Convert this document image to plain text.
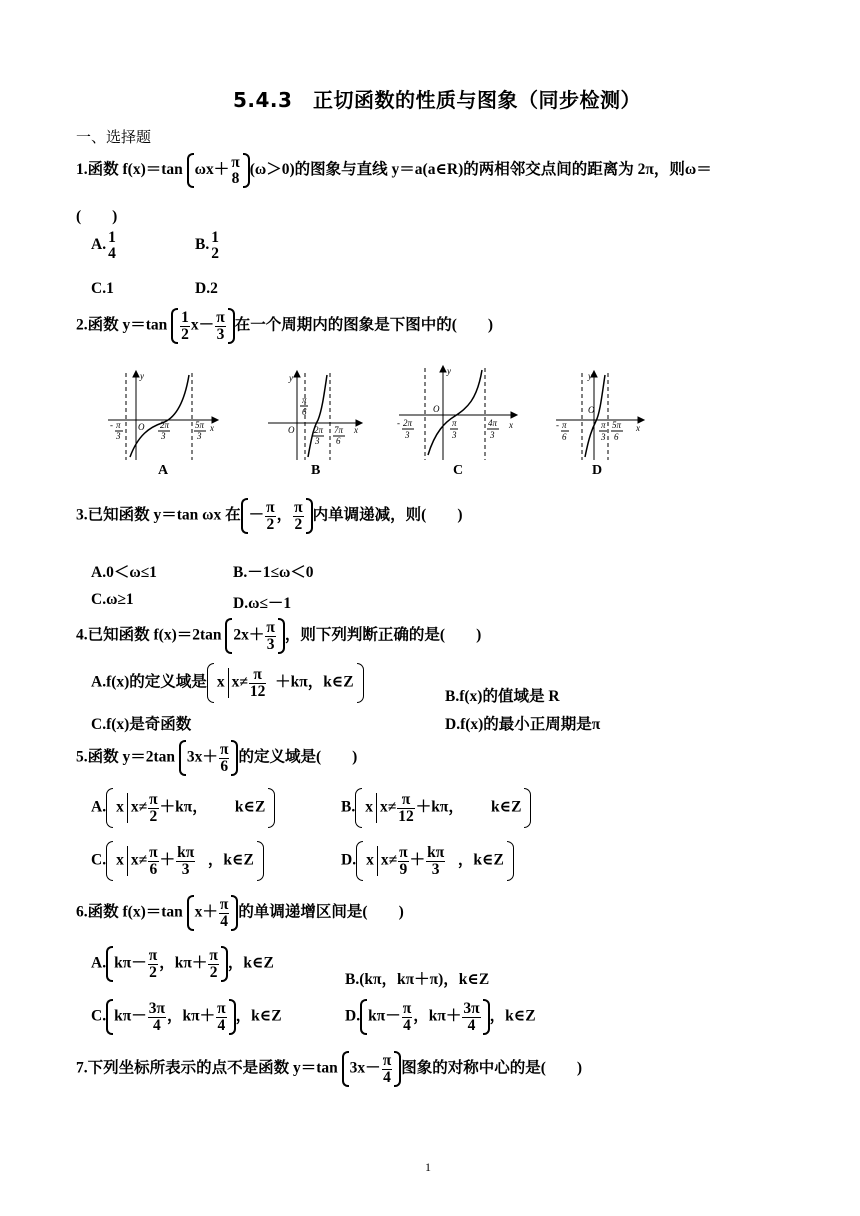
5.4.3　正切函数的性质与图象（同步检测）
一、选择题
1.函数 f(x)＝tan ωx＋ π
8 (ω＞0)的图象与直线 y＝a(a∈R)的两相邻交点间的距离为 2π，则ω＝
(　　)
A. 1
4	B. 1
2
C.1	D.2
2.函数 $y=\tan \frac{1}{2} x- \frac{\pi}{3}$ 在一个周期内的图象是下图中的(　　)
y
x
O
- π
3
2π
3
5π
3
A
y
x
O
π
6
2π
3
7π
6
B
y
x
O
- 2π
3
π
3
4π
3
C
y
x
O
- π
6
π
3
5π
6
D
3.已知函数 y＝tan ωx 在 － $\frac{\pi}{2}$ ， $\frac{\pi}{2}$ 内单调递减，则(　　)
A.0＜ω≤1	B.－1≤ω＜0
C.ω≥1	D.ω≤－1
4.已知函数 f(x)＝2tan $2x+ \frac{\pi}{3}$ ，则下列判断正确的是(　　)
A.f(x)的定义域是 x $x\ne \frac{\pi}{12} +k\pi$，k∈Z
B.f(x)的值域是 R
C.f(x)是奇函数	D.f(x)的最小正周期是π
5.函数 y＝2tan $3x+ \frac{\pi}{6}$ 的定义域是(　　)
A. x $x\ne \frac{\pi}{2} +k\pi$， k∈Z	B. x $x\ne \frac{\pi}{12} +k\pi$， k∈Z
C. x $x\ne \frac{\pi}{6} + \frac{k\pi}{3}$ ，k∈Z	D. x $x\ne \frac{\pi}{9} + \frac{k\pi}{3}$ ，k∈Z
6.函数 f(x)＝tan $x+ \frac{\pi}{4}$ 的单调递增区间是(　　)
A. $k\pi- \frac{\pi}{2}$ ，$k\pi+ \frac{\pi}{2}$ ，k∈Z
B.(kπ，kπ＋π)，k∈Z
C. $k\pi- \frac{3\pi}{4}$ ，$k\pi+ \frac{\pi}{4}$ ，k∈Z	D. $k\pi- \frac{\pi}{4}$ ，$k\pi+ \frac{3\pi}{4}$ ，k∈Z
7.下列坐标所表示的点不是函数 y＝tan $3x- \frac{\pi}{4}$ 图象的对称中心的是(　　)
1
